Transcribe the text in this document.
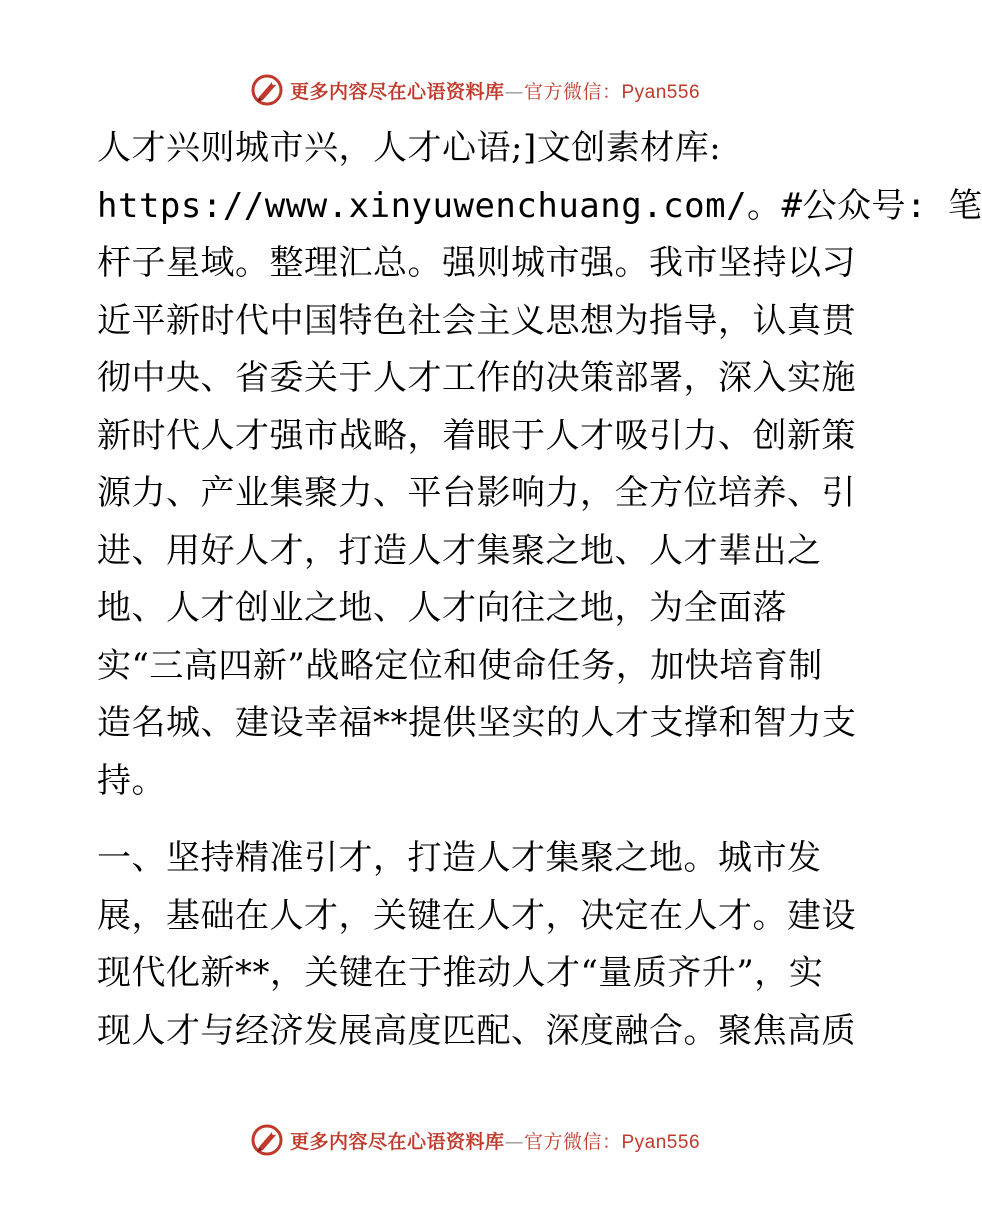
更多内容尽在心语资料库—官方微信：Pyan556
人才兴则城市兴，人才心语;]文创素材库:
https://www.xinyuwenchuang.com/。#公众号: 笔
杆子星域。整理汇总。强则城市强。我市坚持以习
近平新时代中国特色社会主义思想为指导，认真贯
彻中央、省委关于人才工作的决策部署，深入实施
新时代人才强市战略，着眼于人才吸引力、创新策
源力、产业集聚力、平台影响力，全方位培养、引
进、用好人才，打造人才集聚之地、人才辈出之
地、人才创业之地、人才向往之地，为全面落
实“三高四新”战略定位和使命任务，加快培育制
造名城、建设幸福**提供坚实的人才支撑和智力支
持。
一、坚持精准引才，打造人才集聚之地。城市发
展，基础在人才，关键在人才，决定在人才。建设
现代化新**，关键在于推动人才“量质齐升”，实
现人才与经济发展高度匹配、深度融合。聚焦高质
更多内容尽在心语资料库—官方微信：Pyan556
